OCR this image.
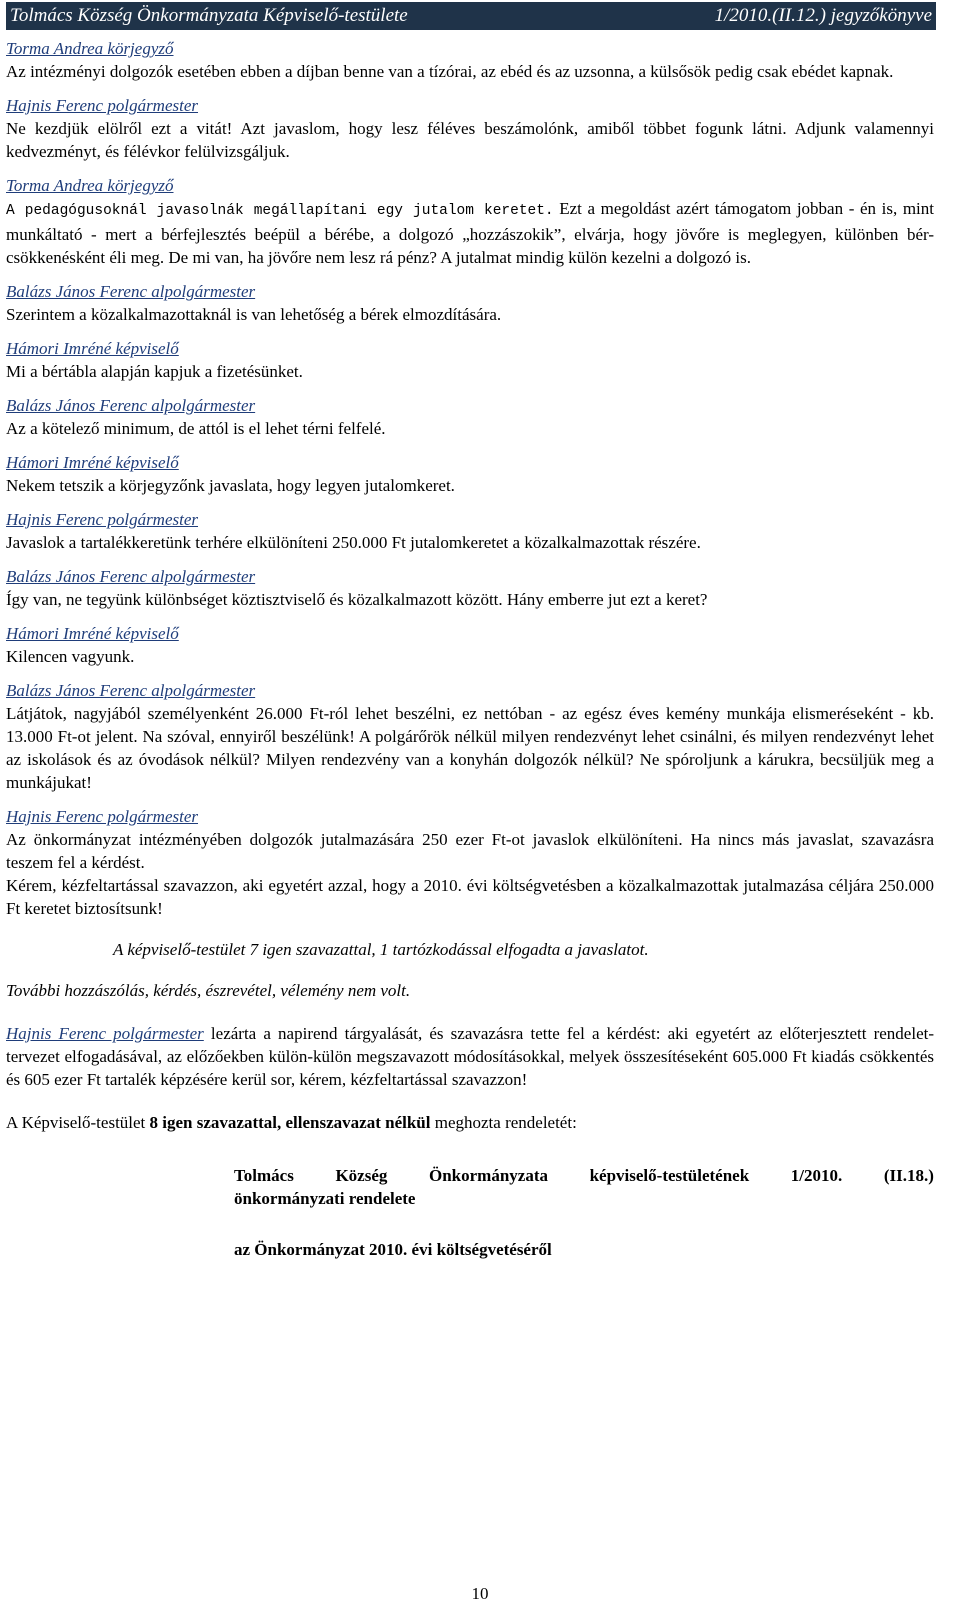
Tolmács Község Önkormányzata Képviselő-testülete	1/2010.(II.12.) jegyzőkönyve
Torma Andrea körjegyző
Az intézményi dolgozók esetében ebben a díjban benne van a tízórai, az ebéd és az uzsonna, a külsősök pedig csak ebédet kapnak.
Hajnis Ferenc polgármester
Ne kezdjük elölről ezt a vitát! Azt javaslom, hogy lesz féléves beszámolónk, amiből többet fogunk látni. Adjunk valamennyi kedvezményt, és félévkor felülvizsgáljuk.
Torma Andrea körjegyző
A pedagógusoknál javasolnák megállapítani egy jutalom keretet. Ezt a megoldást azért támogatom jobban - én is, mint munkáltató - mert a bérfejlesztés beépül a bérébe, a dolgozó „hozzászokik”, elvárja, hogy jövőre is meglegyen, különben bér-csökkenésként éli meg. De mi van, ha jövőre nem lesz rá pénz? A jutalmat mindig külön kezelni a dolgozó is.
Balázs János Ferenc alpolgármester
Szerintem a közalkalmazottaknál is van lehetőség a bérek elmozdítására.
Hámori Imréné képviselő
Mi a bértábla alapján kapjuk a fizetésünket.
Balázs János Ferenc alpolgármester
Az a kötelező minimum, de attól is el lehet térni felfelé.
Hámori Imréné képviselő
Nekem tetszik a körjegyzőnk javaslata, hogy legyen jutalomkeret.
Hajnis Ferenc polgármester
Javaslok a tartalékkeretünk terhére elkülöníteni 250.000 Ft jutalomkeretet a közalkalmazottak részére.
Balázs János Ferenc alpolgármester
Így van, ne tegyünk különbséget köztisztviselő és közalkalmazott között. Hány emberre jut ezt a keret?
Hámori Imréné képviselő
Kilencen vagyunk.
Balázs János Ferenc alpolgármester
Látjátok, nagyjából személyenként 26.000 Ft-ról lehet beszélni, ez nettóban - az egész éves kemény munkája elismeréseként - kb. 13.000 Ft-ot jelent. Na szóval, ennyiről beszélünk! A polgárőrök nélkül milyen rendezvényt lehet csinálni, és milyen rendezvényt lehet az iskolások és az óvodások nélkül? Milyen rendezvény van a konyhán dolgozók nélkül? Ne spóroljunk a kárukra, becsüljük meg a munkájukat!
Hajnis Ferenc polgármester
Az önkormányzat intézményében dolgozók jutalmazására 250 ezer Ft-ot javaslok elkülöníteni. Ha nincs más javaslat, szavazásra teszem fel a kérdést.
Kérem, kézfeltartással szavazzon, aki egyetért azzal, hogy a 2010. évi költségvetésben a közalkalmazottak jutalmazása céljára 250.000 Ft keretet biztosítsunk!
A képviselő-testület 7 igen szavazattal, 1 tartózkodással elfogadta a javaslatot.
További hozzászólás, kérdés, észrevétel, vélemény nem volt.
Hajnis Ferenc polgármester lezárta a napirend tárgyalását, és szavazásra tette fel a kérdést: aki egyetért az előterjesztett rendelet-tervezet elfogadásával, az előzőekben külön-külön megszavazott módosításokkal, melyek összesítéseként 605.000 Ft kiadás csökkentés és 605 ezer Ft tartalék képzésére kerül sor, kérem, kézfeltartással szavazzon!
A Képviselő-testület 8 igen szavazattal, ellenszavazat nélkül meghozta rendeletét:
Tolmács Község Önkormányzata képviselő-testületének 1/2010. (II.18.)
önkormányzati rendelete
az Önkormányzat 2010. évi költségvetéséről
10
